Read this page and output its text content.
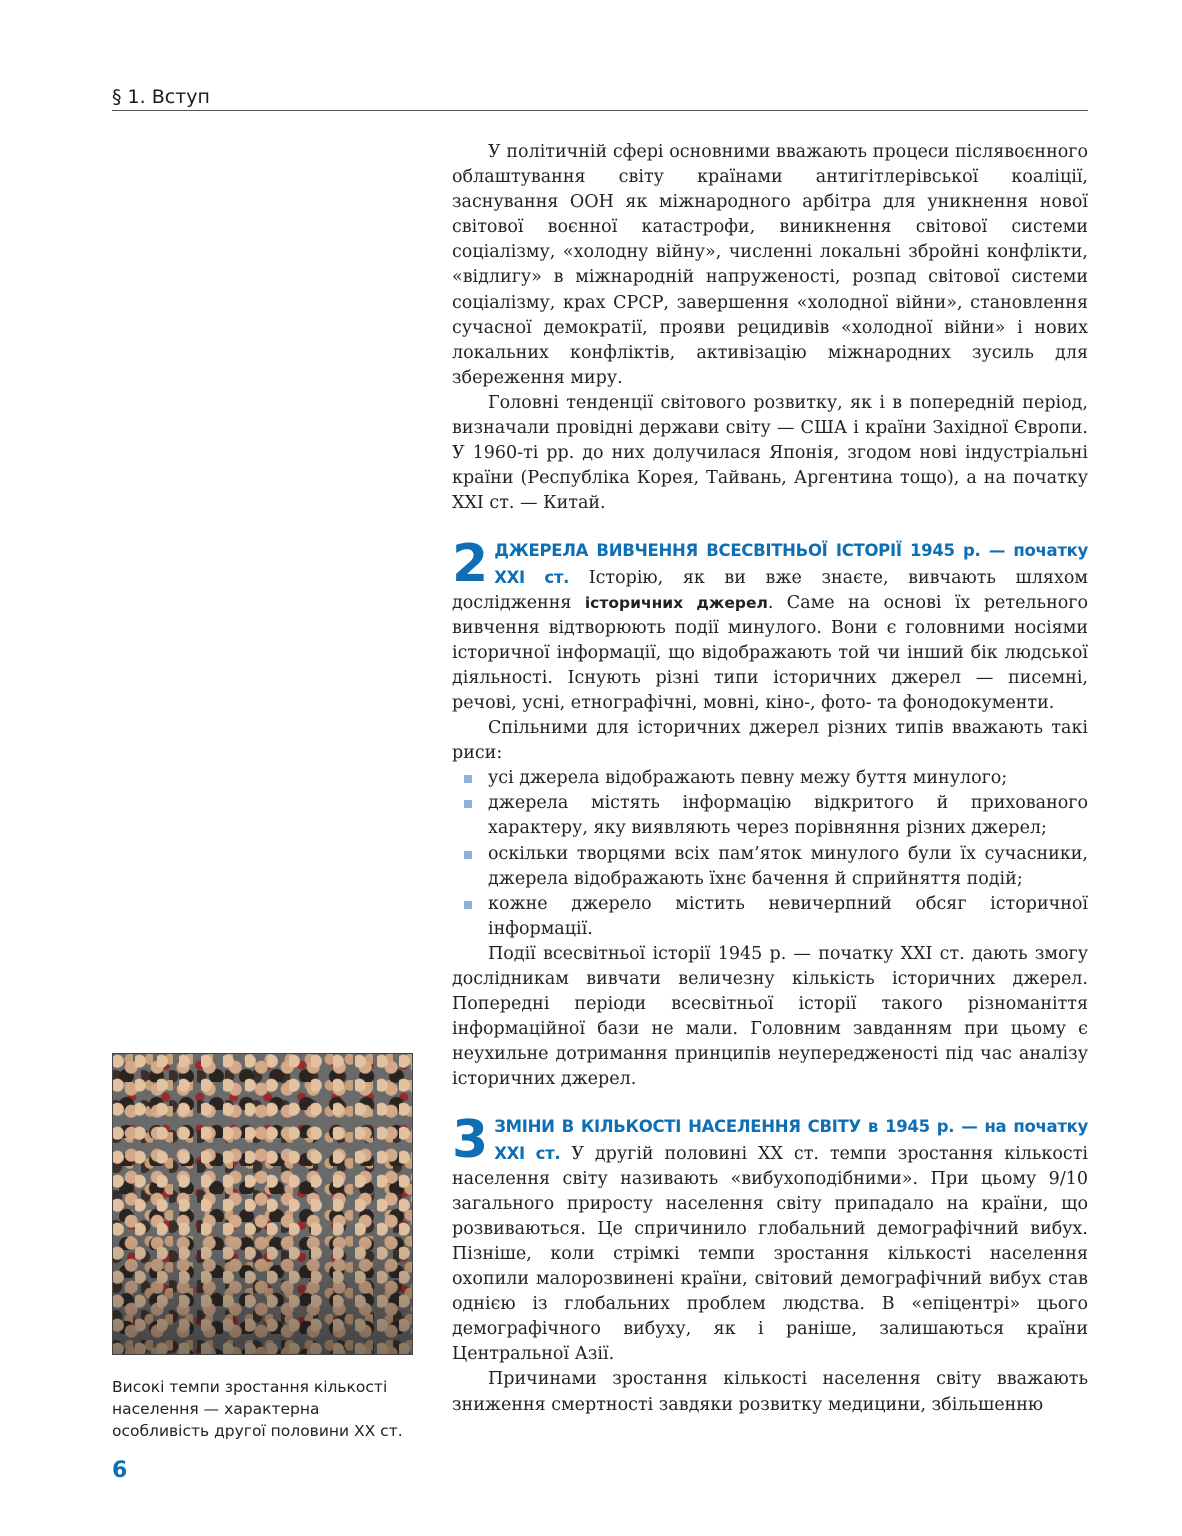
§ 1. Вступ

У політичній сфері основними вважають процеси післявоєнного облаштування світу країнами антигітлерівської коаліції, заснування ООН як міжнародного арбітра для уникнення нової світової воєнної катастрофи, виникнення світової системи соціалізму, «холодну війну», численні локальні збройні конфлікти, «відлигу» в міжнародній напруженості, розпад світової системи соціалізму, крах СРСР, завершення «холодної війни», становлення сучасної демократії, прояви рецидивів «холодної війни» і нових локальних конфліктів, активізацію міжнародних зусиль для збереження миру.

Головні тенденції світового розвитку, як і в попередній період, визначали провідні держави світу — США і країни Західної Європи. У 1960-ті рр. до них долучилася Японія, згодом нові індустріальні країни (Республіка Корея, Тайвань, Аргентина тощо), а на початку XXI ст. — Китай.

2 ДЖЕРЕЛА ВИВЧЕННЯ ВСЕСВІТНЬОЇ ІСТОРІЇ 1945 р. — початку XXI ст. Історію, як ви вже знаєте, вивчають шляхом дослідження історичних джерел. Саме на основі їх ретельного вивчення відтворюють події минулого. Вони є головними носіями історичної інформації, що відображають той чи інший бік людської діяльності. Існують різні типи історичних джерел — писемні, речові, усні, етнографічні, мовні, кіно-, фото- та фонодокументи.

Спільними для історичних джерел різних типів вважають такі риси:

усі джерела відображають певну межу буття минулого;
джерела містять інформацію відкритого й прихованого характеру, яку виявляють через порівняння різних джерел;
оскільки творцями всіх пам’яток минулого були їх сучасники, джерела відображають їхнє бачення й сприйняття подій;
кожне джерело містить невичерпний обсяг історичної інформації.

Події всесвітньої історії 1945 р. — початку XXI ст. дають змогу дослідникам вивчати величезну кількість історичних джерел. Попередні періоди всесвітньої історії такого різноманіття інформаційної бази не мали. Головним завданням при цьому є неухильне дотримання принципів неупередженості під час аналізу історичних джерел.

3 ЗМІНИ В КІЛЬКОСТІ НАСЕЛЕННЯ СВІТУ в 1945 р. — на початку XXI ст. У другій половині XX ст. темпи зростання кількості населення світу називають «вибухоподібними». При цьому 9/10 загального приросту населення світу припадало на країни, що розвиваються. Це спричинило глобальний демографічний вибух. Пізніше, коли стрімкі темпи зростання кількості населення охопили малорозвинені країни, світовий демографічний вибух став однією із глобальних проблем людства. В «епіцентрі» цього демографічного вибуху, як і раніше, залишаються країни Центральної Азії.

Причинами зростання кількості населення світу вважають зниження смертності завдяки розвитку медицини, збільшенню

Високі темпи зростання кількості населення — характерна особливість другої половини XX ст.
6
